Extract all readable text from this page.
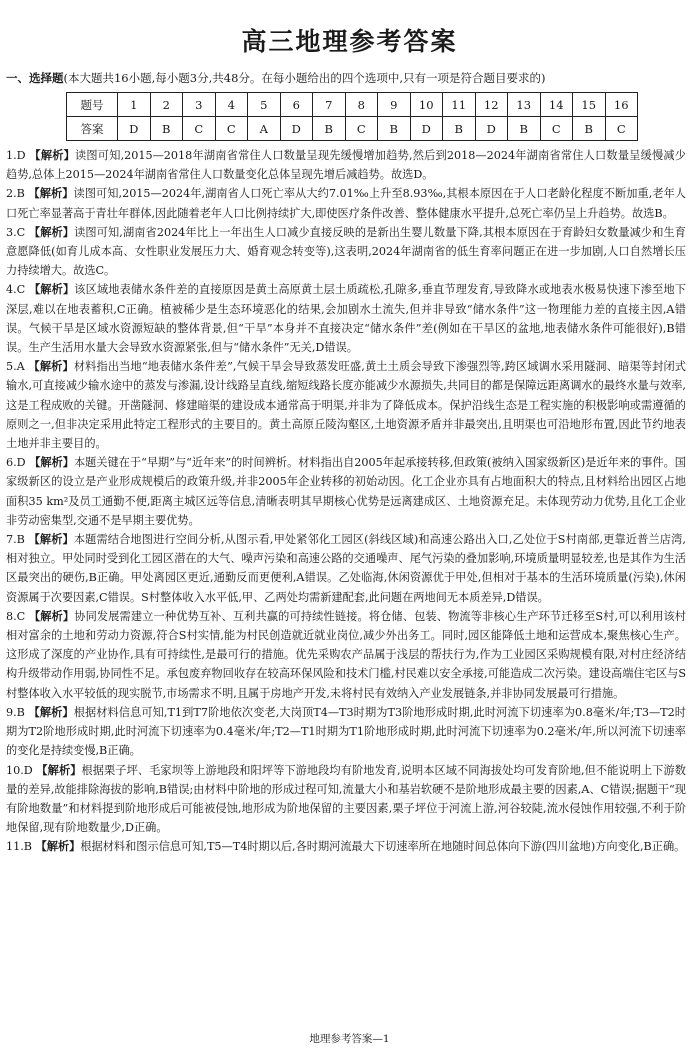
高三地理参考答案
一、选择题(本大题共16小题,每小题3分,共48分。在每小题给出的四个选项中,只有一项是符合题目要求的)
题号	1	2	3	4	5	6	7	8	9	10	11	12	13	14	15	16
答案	D	B	C	C	A	D	B	C	B	D	B	D	B	C	B	C

1.D 【解析】读图可知,2015—2018年湖南省常住人口数量呈现先缓慢增加趋势,然后到2018—2024年湖南省常住人口数量呈缓慢减少趋势,总体上2015—2024年湖南省常住人口数量变化总体呈现先增后减趋势。故选D。

2.B 【解析】读图可知,2015—2024年,湖南省人口死亡率从大约7.01‰上升至8.93‰,其根本原因在于人口老龄化程度不断加重,老年人口死亡率显著高于青壮年群体,因此随着老年人口比例持续扩大,即使医疗条件改善、整体健康水平提升,总死亡率仍呈上升趋势。故选B。

3.C 【解析】读图可知,湖南省2024年比上一年出生人口减少直接反映的是新出生婴儿数量下降,其根本原因在于育龄妇女数量减少和生育意愿降低(如育儿成本高、女性职业发展压力大、婚育观念转变等),这表明,2024年湖南省的低生育率问题正在进一步加剧,人口自然增长压力持续增大。故选C。

4.C 【解析】该区域地表储水条件差的直接原因是黄土高原黄土层土质疏松,孔隙多,垂直节理发育,导致降水或地表水极易快速下渗至地下深层,难以在地表蓄积,C正确。植被稀少是生态环境恶化的结果,会加剧水土流失,但并非导致“储水条件”这一物理能力差的直接主因,A错误。气候干旱是区域水资源短缺的整体背景,但“干旱”本身并不直接决定“储水条件”差(例如在干旱区的盆地,地表储水条件可能很好),B错误。生产生活用水量大会导致水资源紧张,但与“储水条件”无关,D错误。

5.A 【解析】材料指出当地“地表储水条件差”,气候干旱会导致蒸发旺盛,黄土土质会导致下渗强烈等,跨区域调水采用隧洞、暗渠等封闭式输水,可直接减少输水途中的蒸发与渗漏,设计线路呈直线,缩短线路长度亦能减少水源损失,共同目的都是保障远距离调水的最终水量与效率,这是工程成败的关键。开凿隧洞、修建暗渠的建设成本通常高于明渠,并非为了降低成本。保护沿线生态是工程实施的积极影响或需遵循的原则之一,但非决定采用此特定工程形式的主要目的。黄土高原丘陵沟壑区,土地资源矛盾并非最突出,且明渠也可沿地形布置,因此节约地表土地并非主要目的。

6.D 【解析】本题关键在于“早期”与“近年来”的时间辨析。材料指出自2005年起承接转移,但政策(被纳入国家级新区)是近年来的事件。国家级新区的设立是产业形成规模后的政策升级,并非2005年企业转移的初始动因。化工企业亦具有占地面积大的特点,且材料给出园区占地面积35 km²及员工通勤不便,距离主城区远等信息,清晰表明其早期核心优势是远离建成区、土地资源充足。未体现劳动力优势,且化工企业非劳动密集型,交通不是早期主要优势。

7.B 【解析】本题需结合地图进行空间分析,从图示看,甲处紧邻化工园区(斜线区域)和高速公路出入口,乙处位于S村南部,更靠近普兰店湾,相对独立。甲处同时受到化工园区潜在的大气、噪声污染和高速公路的交通噪声、尾气污染的叠加影响,环境质量明显较差,也是其作为生活区最突出的硬伤,B正确。甲处离园区更近,通勤反而更便利,A错误。乙处临海,休闲资源优于甲处,但相对于基本的生活环境质量(污染),休闲资源属于次要因素,C错误。S村整体收入水平低,甲、乙两处均需新建配套,此问题在两地间无本质差异,D错误。

8.C 【解析】协同发展需建立一种优势互补、互利共赢的可持续性链接。将仓储、包装、物流等非核心生产环节迁移至S村,可以利用该村相对富余的土地和劳动力资源,符合S村实情,能为村民创造就近就业岗位,减少外出务工。同时,园区能降低土地和运营成本,聚焦核心生产。这形成了深度的产业协作,具有可持续性,是最可行的措施。优先采购农产品属于浅层的帮扶行为,作为工业园区采购规模有限,对村庄经济结构升级带动作用弱,协同性不足。承包废弃物回收存在较高环保风险和技术门槛,村民难以安全承接,可能造成二次污染。建设高端住宅区与S村整体收入水平较低的现实脱节,市场需求不明,且属于房地产开发,未将村民有效纳入产业发展链条,并非协同发展最可行措施。

9.B 【解析】根据材料信息可知,T1到T7阶地依次变老,大岗顶T4—T3时期为T3阶地形成时期,此时河流下切速率为0.8毫米/年;T3—T2时期为T2阶地形成时期,此时河流下切速率为0.4毫米/年;T2—T1时期为T1阶地形成时期,此时河流下切速率为0.2毫米/年,所以河流下切速率的变化是持续变慢,B正确。

10.D 【解析】根据栗子坪、毛家坝等上游地段和阳坪等下游地段均有阶地发育,说明本区域不同海拔处均可发育阶地,但不能说明上下游数量的差异,故能排除海拔的影响,B错误;由材料中阶地的形成过程可知,流量大小和基岩软硬不是阶地形成最主要的因素,A、C错误;据题干“现有阶地数量”和材料提到阶地形成后可能被侵蚀,地形成为阶地保留的主要因素,栗子坪位于河流上游,河谷较陡,流水侵蚀作用较强,不利于阶地保留,现有阶地数量少,D正确。

11.B 【解析】根据材料和图示信息可知,T5—T4时期以后,各时期河流最大下切速率所在地随时间总体向下游(四川盆地)方向变化,B正确。

地理参考答案—1
